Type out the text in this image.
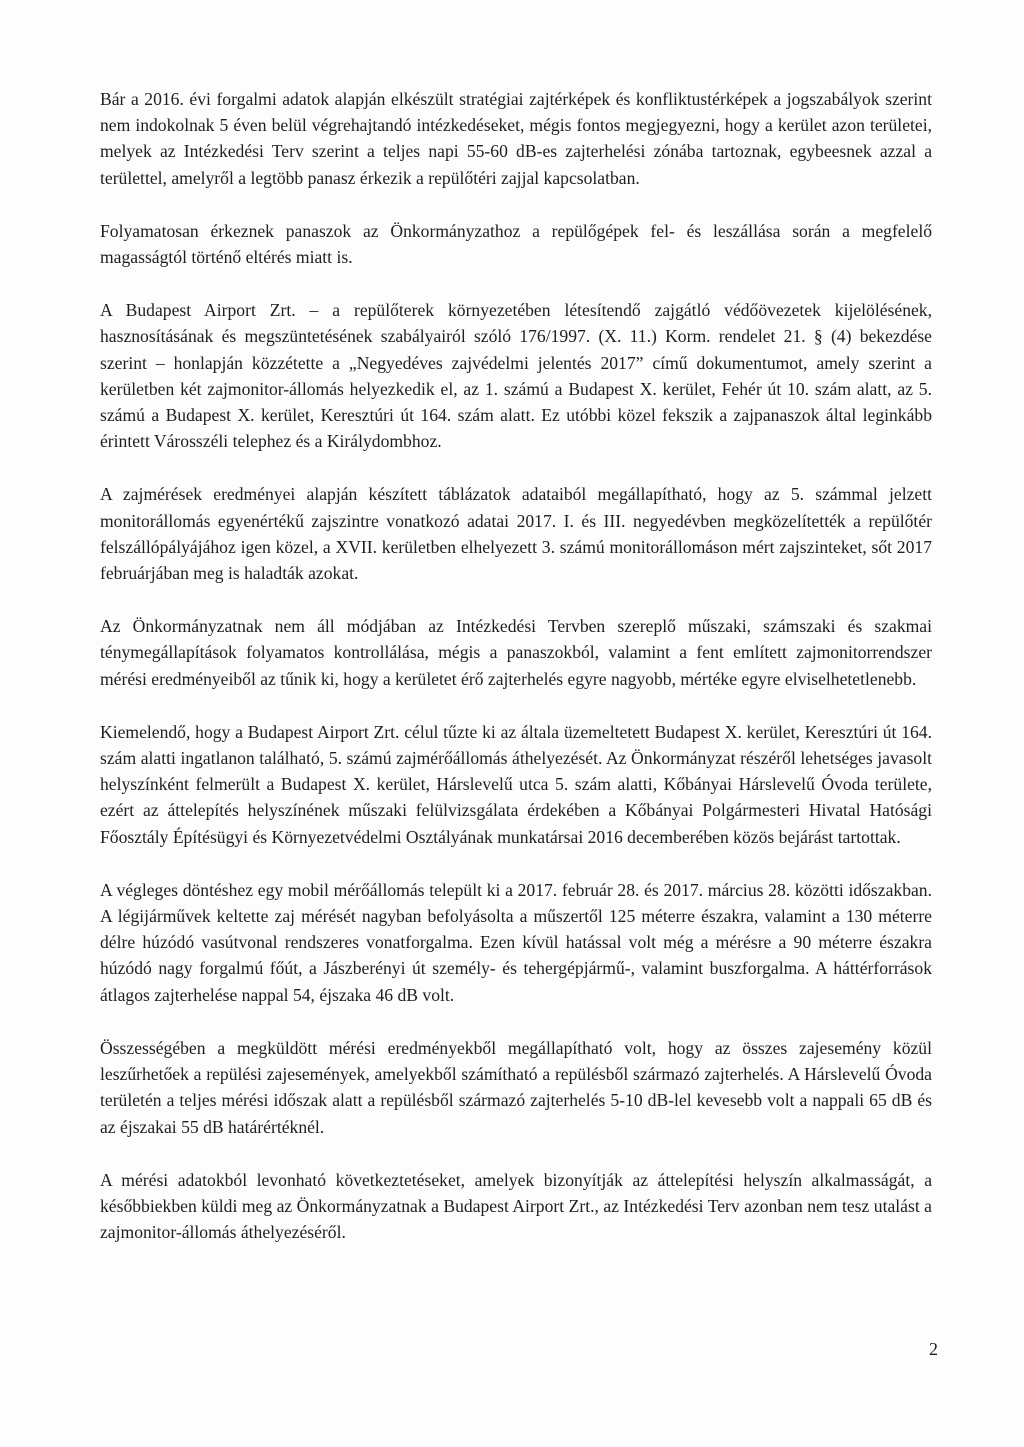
Bár a 2016. évi forgalmi adatok alapján elkészült stratégiai zajtérképek és konfliktustérképek a jogszabályok szerint nem indokolnak 5 éven belül végrehajtandó intézkedéseket, mégis fontos megjegyezni, hogy a kerület azon területei, melyek az Intézkedési Terv szerint a teljes napi 55-60 dB-es zajterhelési zónába tartoznak, egybeesnek azzal a területtel, amelyről a legtöbb panasz érkezik a repülőtéri zajjal kapcsolatban.

Folyamatosan érkeznek panaszok az Önkormányzathoz a repülőgépek fel- és leszállása során a megfelelő magasságtól történő eltérés miatt is.

A Budapest Airport Zrt. – a repülőterek környezetében létesítendő zajgátló védőövezetek kijelölésének, hasznosításának és megszüntetésének szabályairól szóló 176/1997. (X. 11.) Korm. rendelet 21. § (4) bekezdése szerint – honlapján közzétette a „Negyedéves zajvédelmi jelentés 2017” című dokumentumot, amely szerint a kerületben két zajmonitor-állomás helyezkedik el, az 1. számú a Budapest X. kerület, Fehér út 10. szám alatt, az 5. számú a Budapest X. kerület, Keresztúri út 164. szám alatt. Ez utóbbi közel fekszik a zajpanaszok által leginkább érintett Városszéli telephez és a Királydombhoz.

A zajmérések eredményei alapján készített táblázatok adataiból megállapítható, hogy az 5. számmal jelzett monitorállomás egyenértékű zajszintre vonatkozó adatai 2017. I. és III. negyedévben megközelítették a repülőtér felszállópályájához igen közel, a XVII. kerületben elhelyezett 3. számú monitorállomáson mért zajszinteket, sőt 2017 februárjában meg is haladták azokat.

Az Önkormányzatnak nem áll módjában az Intézkedési Tervben szereplő műszaki, számszaki és szakmai ténymegállapítások folyamatos kontrollálása, mégis a panaszokból, valamint a fent említett zajmonitorrendszer mérési eredményeiből az tűnik ki, hogy a kerületet érő zajterhelés egyre nagyobb, mértéke egyre elviselhetetlenebb.

Kiemelendő, hogy a Budapest Airport Zrt. célul tűzte ki az általa üzemeltetett Budapest X. kerület, Keresztúri út 164. szám alatti ingatlanon található, 5. számú zajmérőállomás áthelyezését. Az Önkormányzat részéről lehetséges javasolt helyszínként felmerült a Budapest X. kerület, Hárslevelű utca 5. szám alatti, Kőbányai Hárslevelű Óvoda területe, ezért az áttelepítés helyszínének műszaki felülvizsgálata érdekében a Kőbányai Polgármesteri Hivatal Hatósági Főosztály Építésügyi és Környezetvédelmi Osztályának munkatársai 2016 decemberében közös bejárást tartottak.

A végleges döntéshez egy mobil mérőállomás települt ki a 2017. február 28. és 2017. március 28. közötti időszakban. A légijárművek keltette zaj mérését nagyban befolyásolta a műszertől 125 méterre északra, valamint a 130 méterre délre húzódó vasútvonal rendszeres vonatforgalma. Ezen kívül hatással volt még a mérésre a 90 méterre északra húzódó nagy forgalmú főút, a Jászberényi út személy- és tehergépjármű-, valamint buszforgalma. A háttérforrások átlagos zajterhelése nappal 54, éjszaka 46 dB volt.

Összességében a megküldött mérési eredményekből megállapítható volt, hogy az összes zajesemény közül leszűrhetőek a repülési zajesemények, amelyekből számítható a repülésből származó zajterhelés. A Hárslevelű Óvoda területén a teljes mérési időszak alatt a repülésből származó zajterhelés 5-10 dB-lel kevesebb volt a nappali 65 dB és az éjszakai 55 dB határértéknél.

A mérési adatokból levonható következtetéseket, amelyek bizonyítják az áttelepítési helyszín alkalmasságát, a későbbiekben küldi meg az Önkormányzatnak a Budapest Airport Zrt., az Intézkedési Terv azonban nem tesz utalást a zajmonitor-állomás áthelyezéséről.

2
